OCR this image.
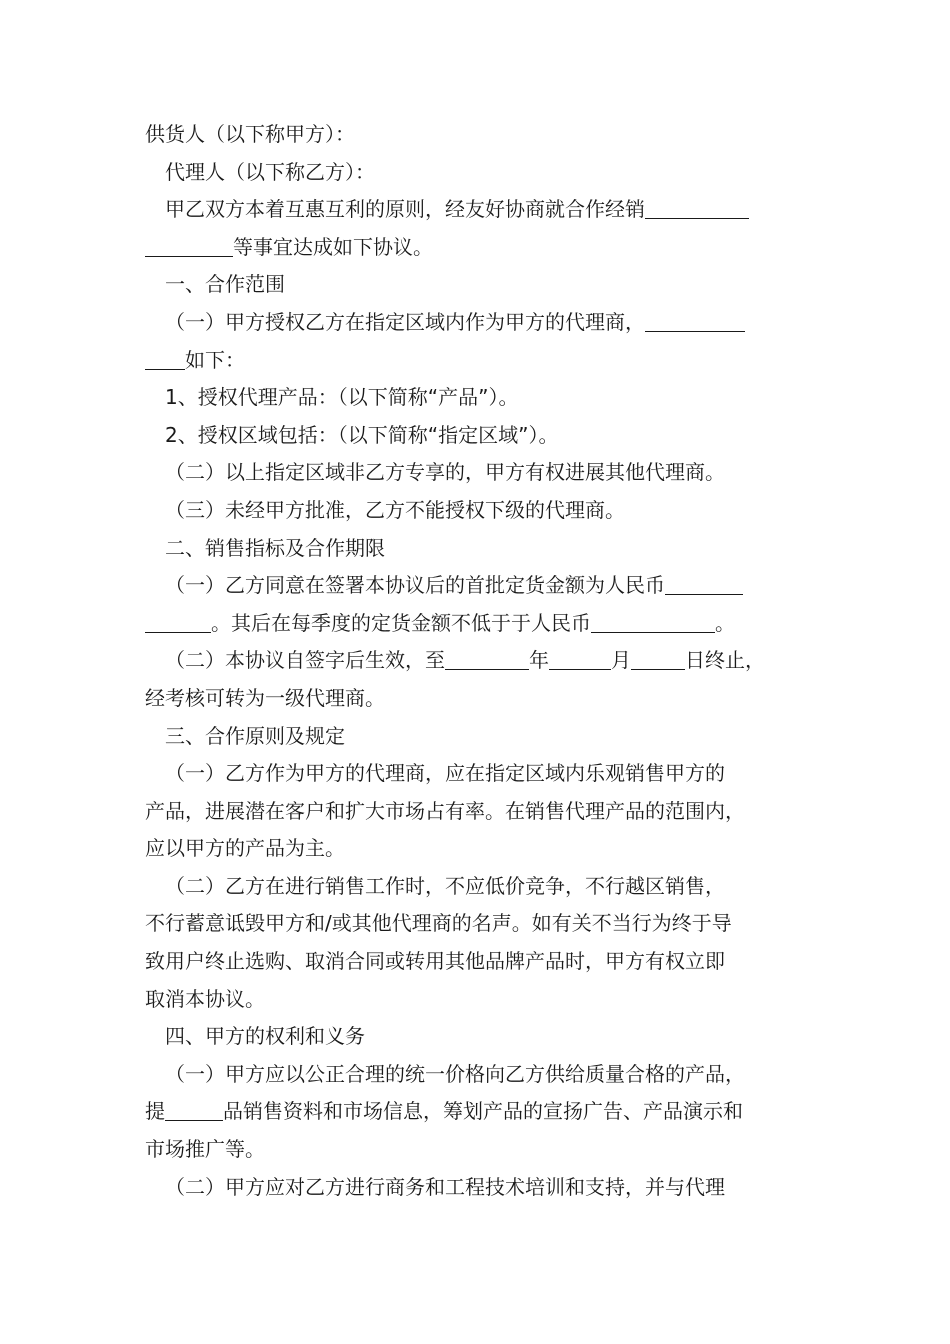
供货人（以下称甲方）：
代理人（以下称乙方）：
甲乙双方本着互惠互利的原则，经友好协商就合作经销
等事宜达成如下协议。
一、合作范围
（一）甲方授权乙方在指定区域内作为甲方的代理商，
如下：
1、授权代理产品：（以下简称“产品”）。
2、授权区域包括：（以下简称“指定区域”）。
（二）以上指定区域非乙方专享的，甲方有权进展其他代理商。
（三）未经甲方批准，乙方不能授权下级的代理商。
二、销售指标及合作期限
（一）乙方同意在签署本协议后的首批定货金额为人民币
。其后在每季度的定货金额不低于于人民币	。
（二）本协议自签字后生效，至	年	月	日终止，
经考核可转为一级代理商。
三、合作原则及规定
（一）乙方作为甲方的代理商，应在指定区域内乐观销售甲方的
产品，进展潜在客户和扩大市场占有率。在销售代理产品的范围内，
应以甲方的产品为主。
（二）乙方在进行销售工作时，不应低价竞争，不行越区销售，
不行蓄意诋毁甲方和/或其他代理商的名声。如有关不当行为终于导
致用户终止选购、取消合同或转用其他品牌产品时，甲方有权立即
取消本协议。
四、甲方的权利和义务
（一）甲方应以公正合理的统一价格向乙方供给质量合格的产品，
提	品销售资料和市场信息，筹划产品的宣扬广告、产品演示和
市场推广等。
（二）甲方应对乙方进行商务和工程技术培训和支持，并与代理
